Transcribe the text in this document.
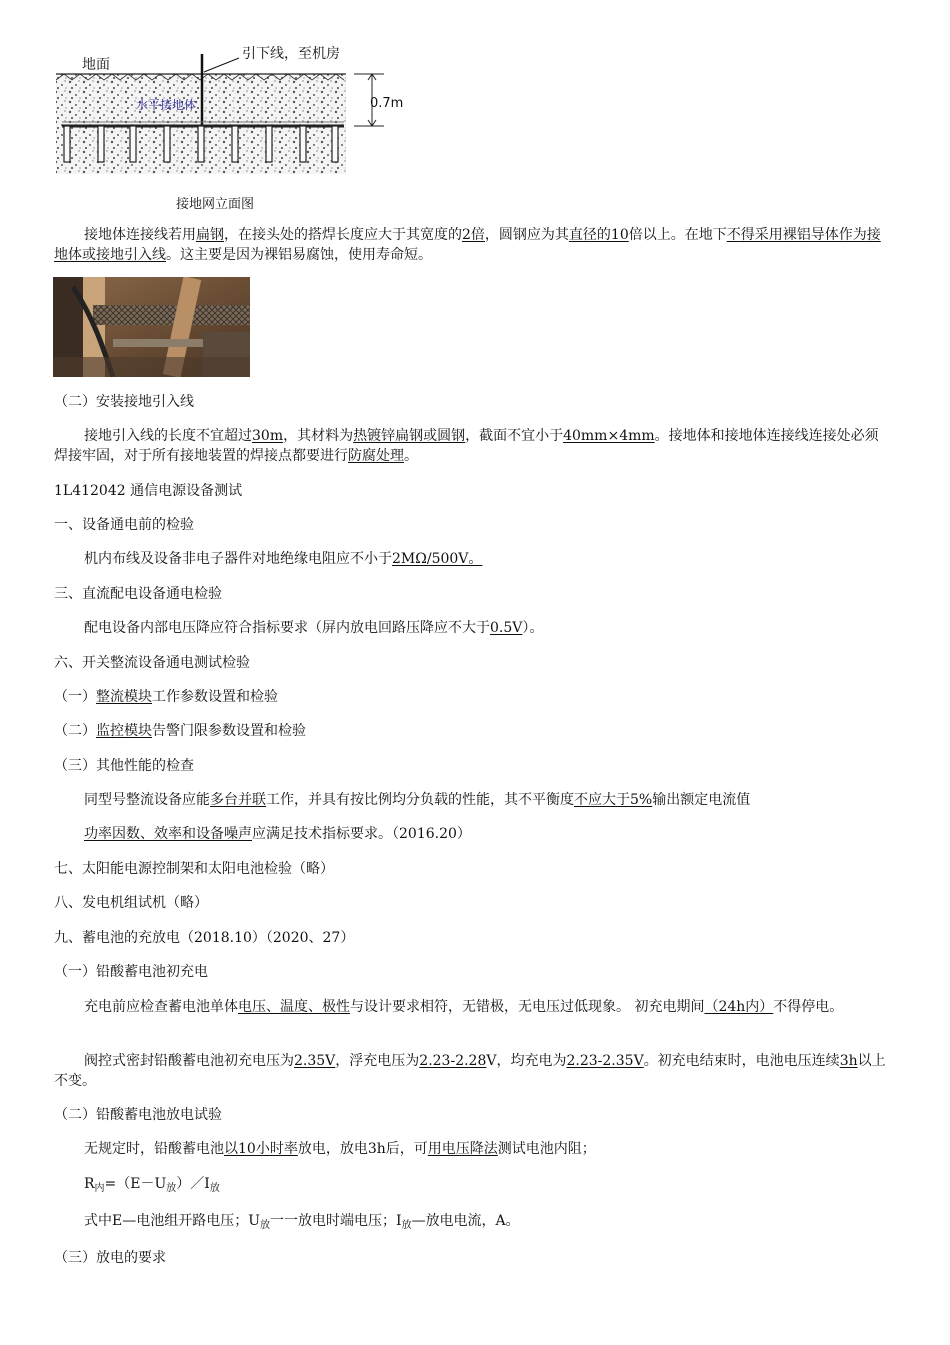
地面
引下线，至机房
水平接地体	0.7m
接地网立面图
接地体连接线若用扁钢，在接头处的搭焊长度应大于其宽度的2倍，圆钢应为其直径的10倍以上。在地下不得采用裸铝导体作为接地体或接地引入线。这主要是因为裸铝易腐蚀，使用寿命短。
（二）安装接地引入线
接地引入线的长度不宜超过30m，其材料为热镀锌扁钢或圆钢，截面不宜小于40mm×4mm。接地体和接地体连接线连接处必须焊接牢固，对于所有接地装置的焊接点都要进行防腐处理。
1L412042 通信电源设备测试
一、设备通电前的检验
机内布线及设备非电子器件对地绝缘电阻应不小于2MΩ/500V。
三、直流配电设备通电检验
配电设备内部电压降应符合指标要求（屏内放电回路压降应不大于0.5V）。
六、开关整流设备通电测试检验
（一）整流模块工作参数设置和检验
（二）监控模块告警门限参数设置和检验
（三）其他性能的检查
同型号整流设备应能多台并联工作，并具有按比例均分负载的性能，其不平衡度不应大于5%输出额定电流值
功率因数、效率和设备噪声应满足技术指标要求。（2016.20）
七、太阳能电源控制架和太阳电池检验（略）
八、发电机组试机（略）
九、蓄电池的充放电（2018.10）（2020、27）
（一）铅酸蓄电池初充电
充电前应检查蓄电池单体电压、温度、极性与设计要求相符，无错极，无电压过低现象。 初充电期间（24h内）不得停电。
阀控式密封铅酸蓄电池初充电压为2.35V，浮充电压为2.23-2.28V，均充电为2.23-2.35V。初充电结束时，电池电压连续3h以上不变。
（二）铅酸蓄电池放电试验
无规定时，铅酸蓄电池以10小时率放电，放电3h后，可用电压降法测试电池内阻；
$R_内=(E-U_放)/I_放$
式中E—电池组开路电压；$U_放$一一放电时端电压；$I_放—$放电电流，A。
（三）放电的要求
